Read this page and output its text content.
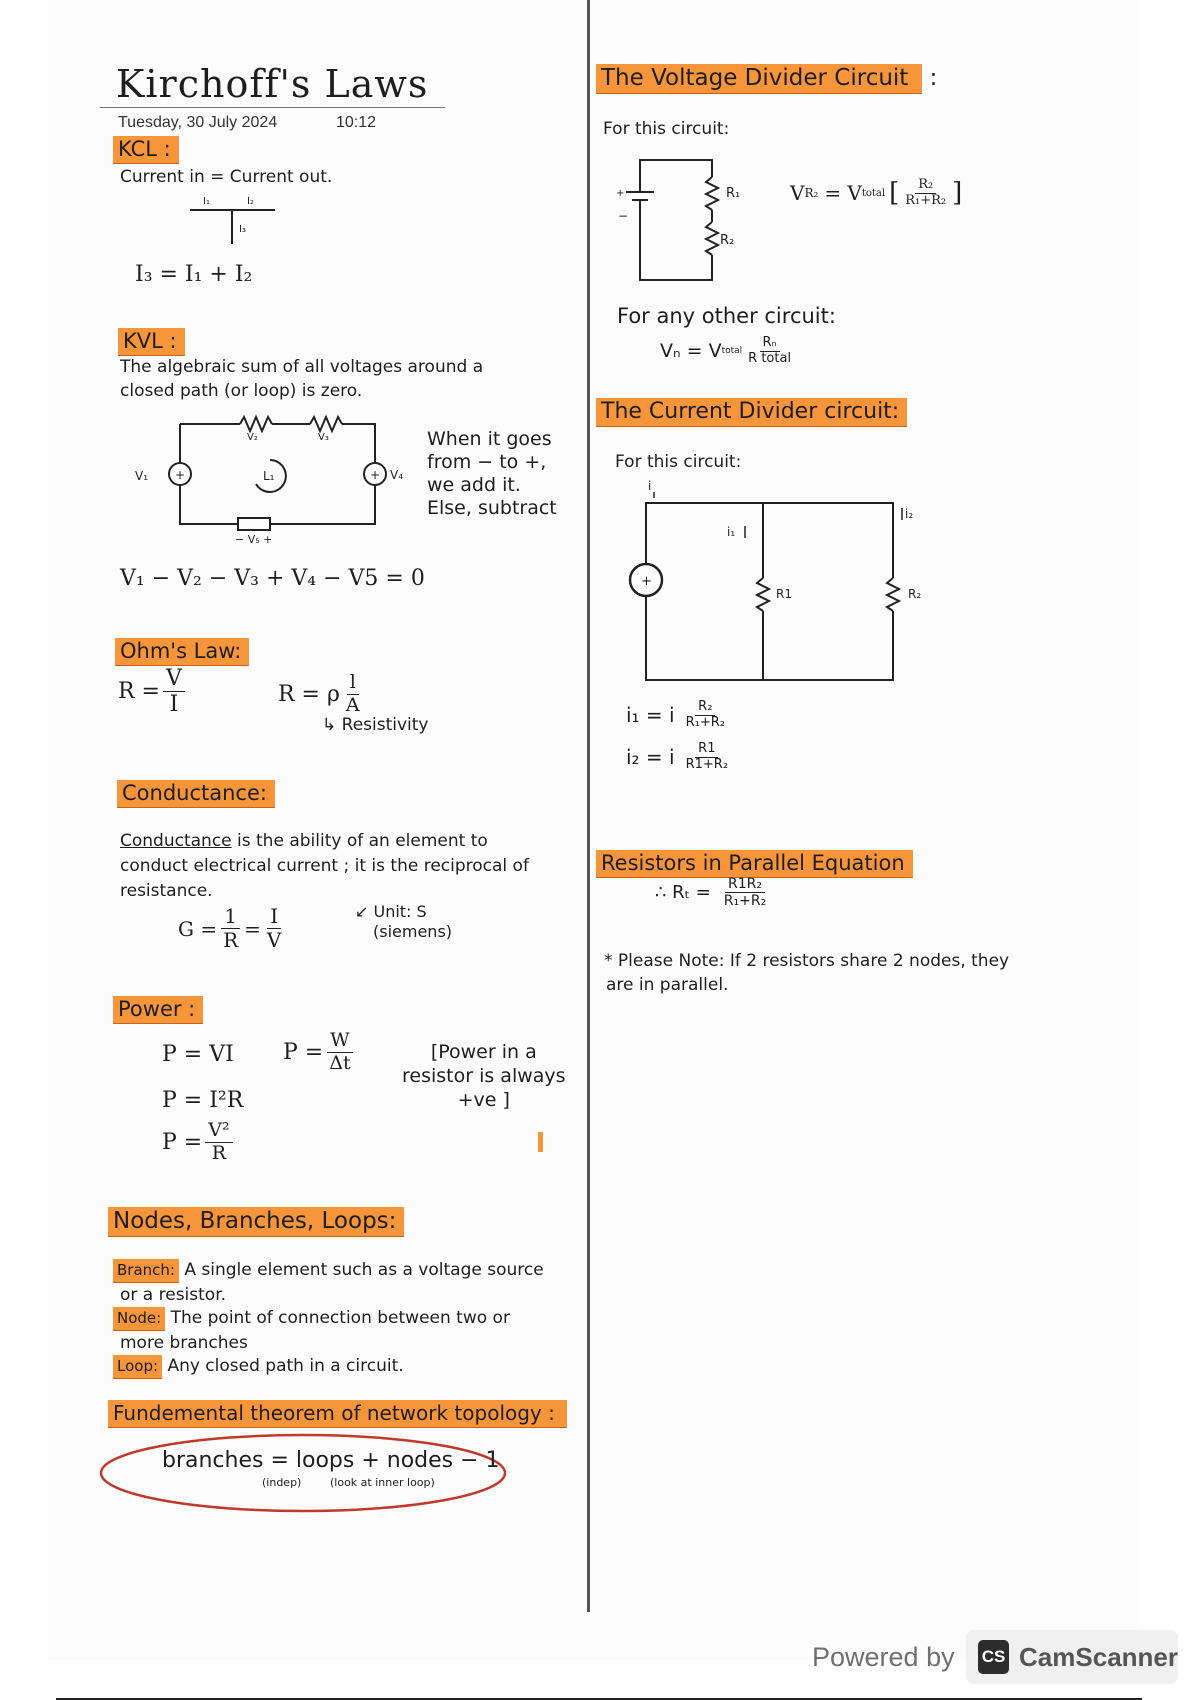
Kirchoff's Laws
Tuesday, 30 July 2024	10:12
KCL :
Current in = Current out.
I₁	I₂
I₃
I₃ = I₁ + I₂
KVL :
The algebraic sum of all voltages around a
closed path (or loop) is zero.
+
+	L₁
V₁
V₂	V₃
V₄
− V₅ +
When it goes
from − to +,
we add it.
Else, subtract
V₁ − V₂ − V₃ + V₄ − V5 = 0
Ohm's Law:
$R = \frac{V}{I}$	R = ρ $\frac{l}{A}$
↳ Resistivity
Conductance:
Conductance is the ability of an element to
conduct electrical current ; it is the reciprocal of
resistance.
$G = \frac{1}{R} = \frac{I}{V}$	↙ Unit: S
(siemens)
Power :
P = VI $P = \frac{W}{\Delta t}$
P = I²R
$P = \frac{\text{V²}}{R}$
[Power in a
resistor is always
+ve ]
Nodes, Branches, Loops:
Branch: A single element such as a voltage source
or a resistor.
Node: The point of connection between two or
more branches
Loop: Any closed path in a circuit.
Fundemental theorem of network topology :
branches = loops + nodes − 1
(indep)	(look at inner loop)
The Voltage Divider Circuit :
For this circuit:
+
−
R₁
R₂
V R₂ = V total [ $\frac{\text{R₂}}{\text{R₁+R₂}}$ ]
For any other circuit:
Vₙ = V total $\frac{\text{Rₙ}}{\text{R total}}$
The Current Divider circuit:
For this circuit:
+
i
i₁
i₂
R1	R₂
i₁ = i $\frac{\text{R₂}}{\text{R₁+R₂}}$
i₂ = i $\frac{R1}{\text{R1+R₂}}$
Resistors in Parallel Equation
∴ $R_t = \frac{\text{R1R₂}}{\text{R₁+R₂}}$
* Please Note: If 2 resistors share 2 nodes, they
are in parallel.
Powered by CS CamScanner
